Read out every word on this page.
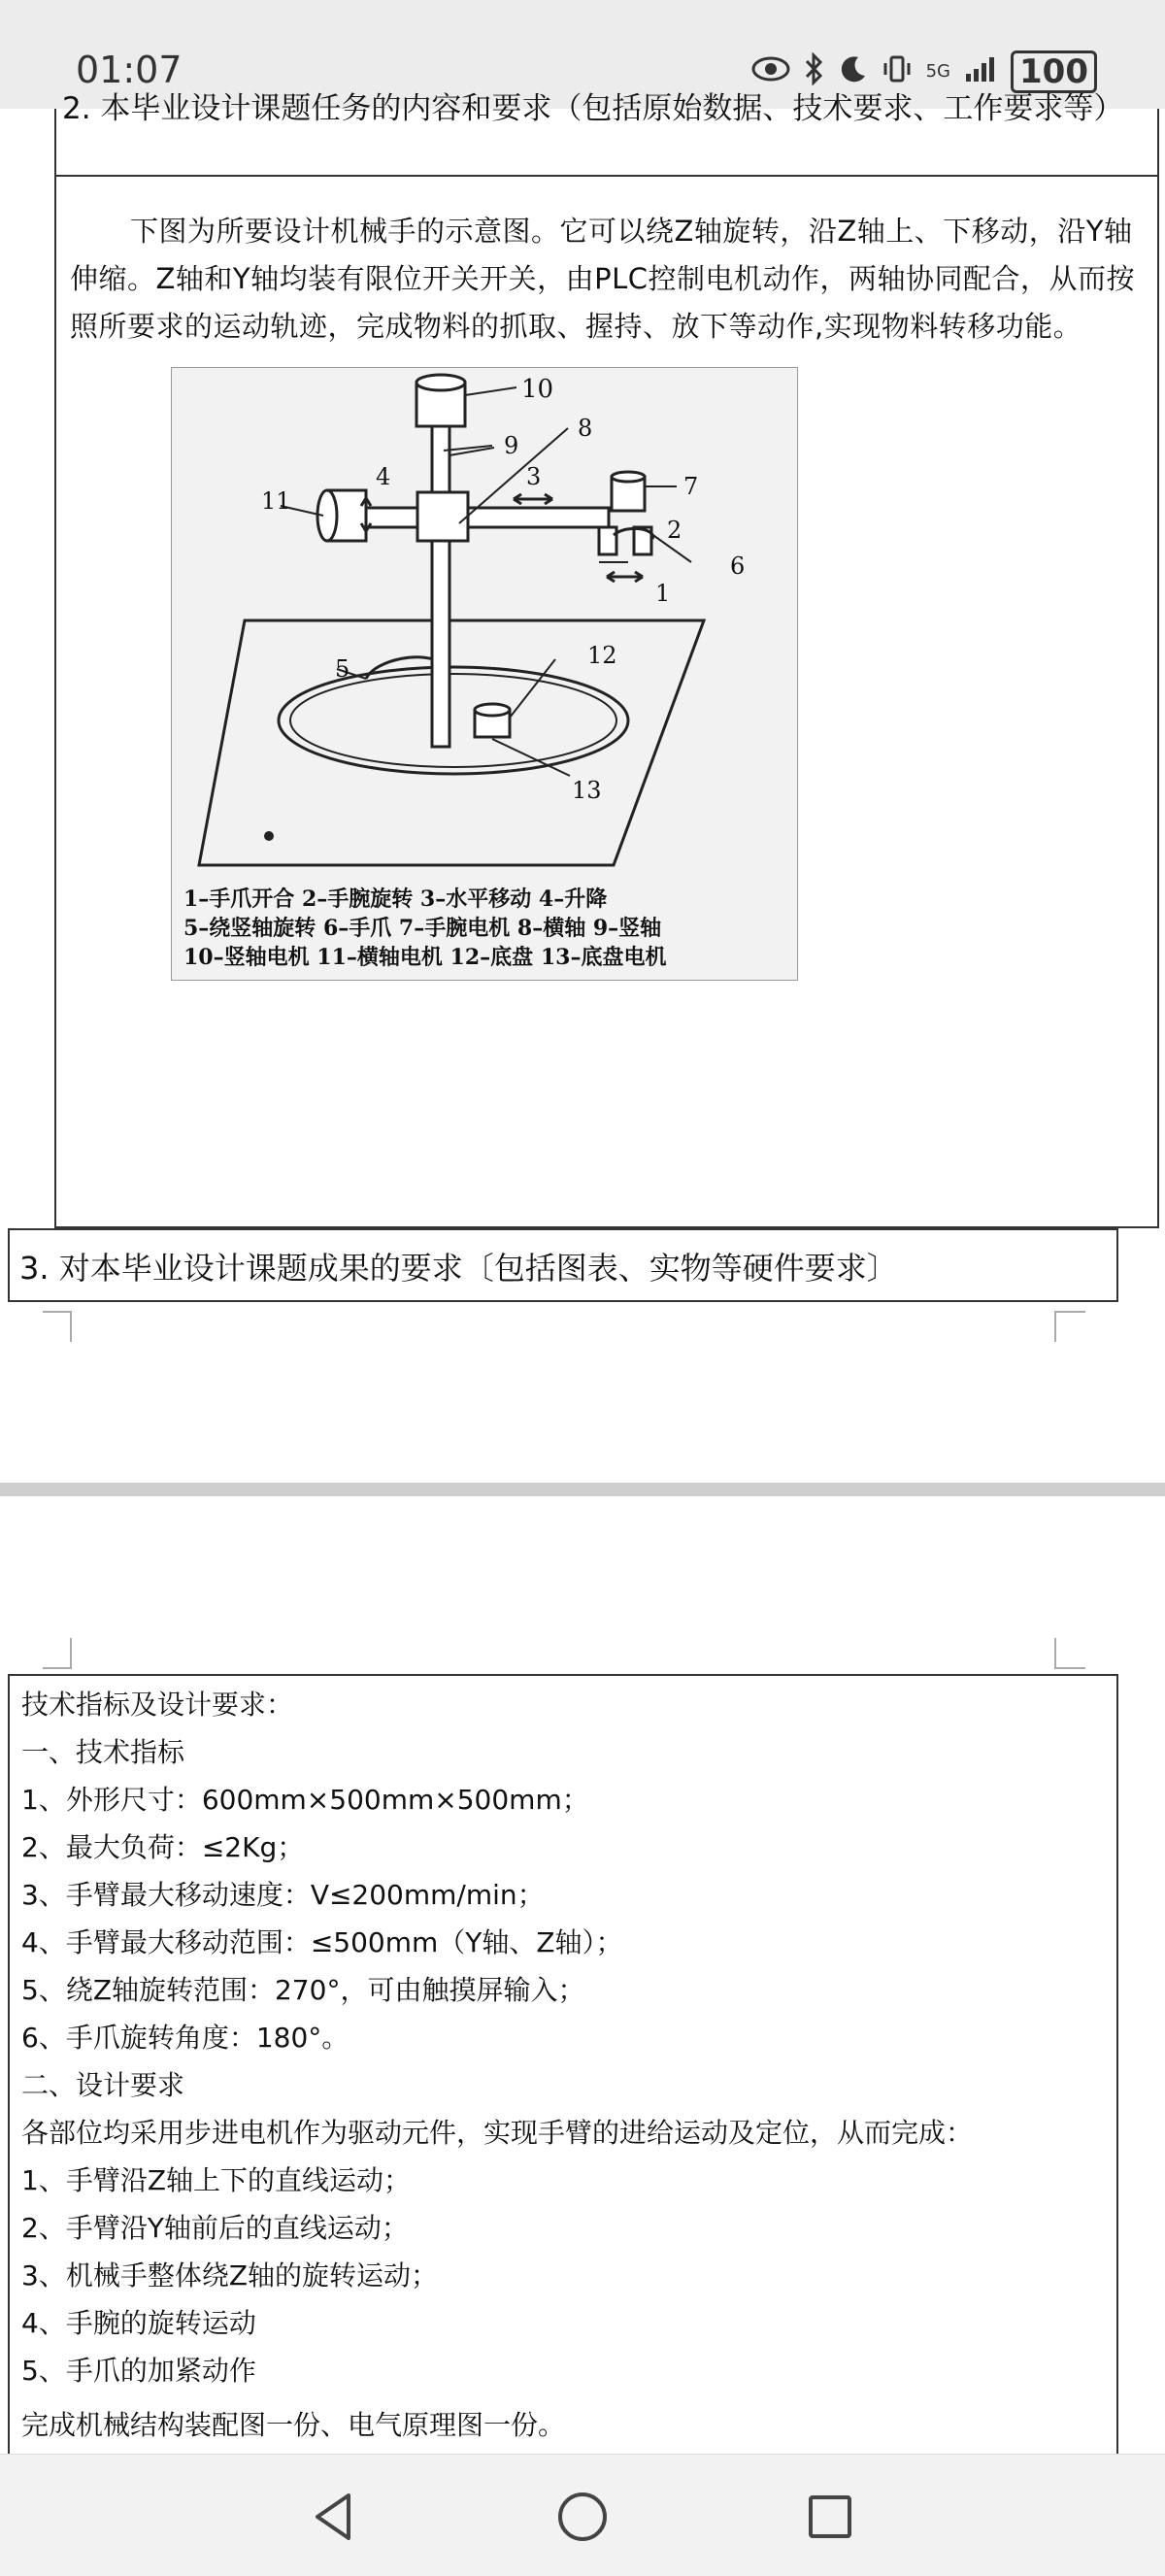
01:07	5G 100
2. 本毕业设计课题任务的内容和要求（包括原始数据、技术要求、工作要求等）
下图为所要设计机械手的示意图。它可以绕Z轴旋转，沿Z轴上、下移动，沿Y轴伸缩。Z轴和Y轴均装有限位开关开关，由PLC控制电机动作，两轴协同配合，从而按照所要求的运动轨迹，完成物料的抓取、握持、放下等动作,实现物料转移功能。
10
9
8
7
3
4
11
2
6
1
5	12
13
1–手爪开合 2–手腕旋转 3–水平移动 4–升降
5–绕竖轴旋转 6–手爪 7–手腕电机 8–横轴 9–竖轴
10–竖轴电机 11–横轴电机 12–底盘 13–底盘电机
3. 对本毕业设计课题成果的要求〔包括图表、实物等硬件要求〕
技术指标及设计要求：
一、技术指标
1、外形尺寸：600mm×500mm×500mm；
2、最大负荷：≤2Kg；
3、手臂最大移动速度：V≤200mm/min；
4、手臂最大移动范围：≤500mm（Y轴、Z轴）；
5、绕Z轴旋转范围：270°，可由触摸屏输入；
6、手爪旋转角度：180°。
二、设计要求
各部位均采用步进电机作为驱动元件，实现手臂的进给运动及定位，从而完成：
1、手臂沿Z轴上下的直线运动；
2、手臂沿Y轴前后的直线运动；
3、机械手整体绕Z轴的旋转运动；
4、手腕的旋转运动
5、手爪的加紧动作
完成机械结构装配图一份、电气原理图一份。
